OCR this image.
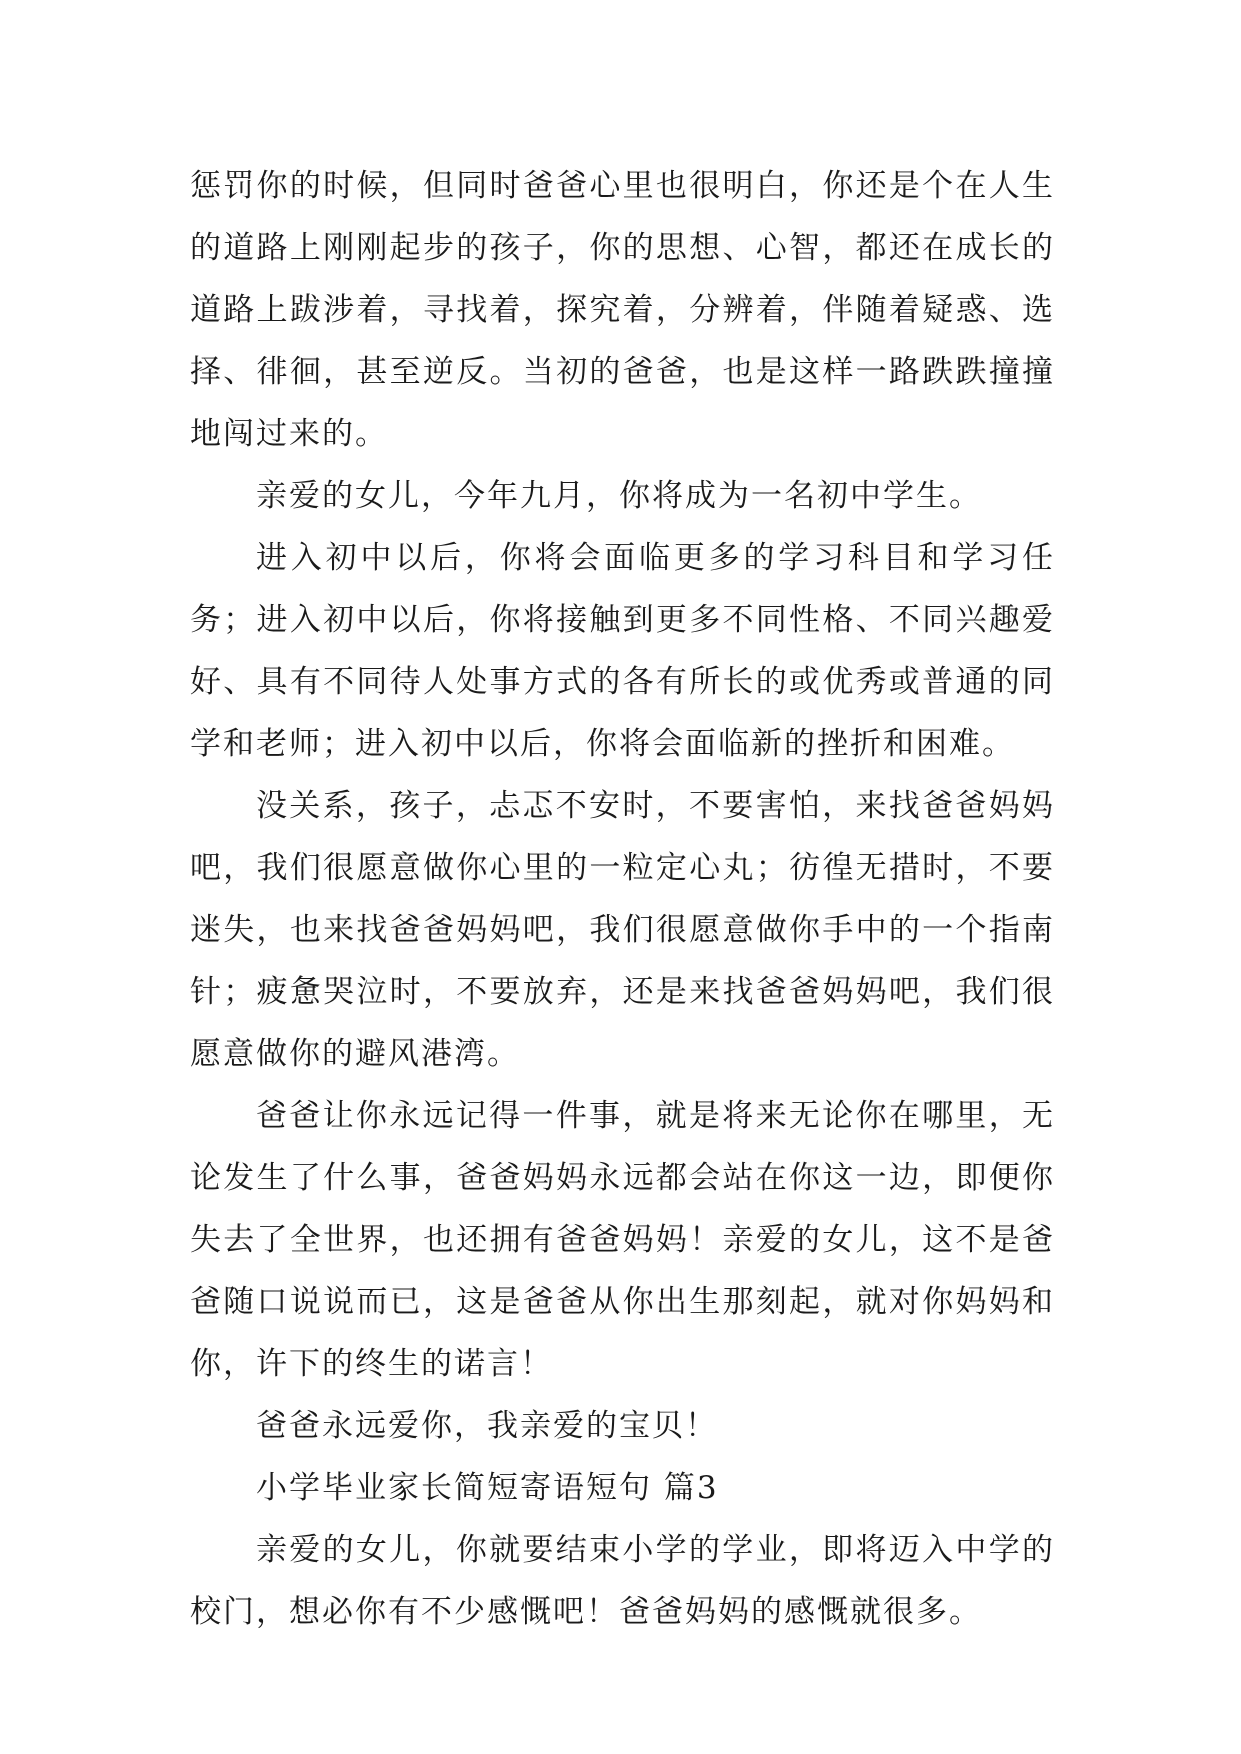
惩罚你的时候，但同时爸爸心里也很明白，你还是个在人生的道路上刚刚起步的孩子，你的思想、心智，都还在成长的道路上跋涉着，寻找着，探究着，分辨着，伴随着疑惑、选择、徘徊，甚至逆反。当初的爸爸，也是这样一路跌跌撞撞地闯过来的。

亲爱的女儿，今年九月，你将成为一名初中学生。

进入初中以后，你将会面临更多的学习科目和学习任务；进入初中以后，你将接触到更多不同性格、不同兴趣爱好、具有不同待人处事方式的各有所长的或优秀或普通的同学和老师；进入初中以后，你将会面临新的挫折和困难。

没关系，孩子，忐忑不安时，不要害怕，来找爸爸妈妈吧，我们很愿意做你心里的一粒定心丸；彷徨无措时，不要迷失，也来找爸爸妈妈吧，我们很愿意做你手中的一个指南针；疲惫哭泣时，不要放弃，还是来找爸爸妈妈吧，我们很愿意做你的避风港湾。

爸爸让你永远记得一件事，就是将来无论你在哪里，无论发生了什么事，爸爸妈妈永远都会站在你这一边，即便你失去了全世界，也还拥有爸爸妈妈！亲爱的女儿，这不是爸爸随口说说而已，这是爸爸从你出生那刻起，就对你妈妈和你，许下的终生的诺言！

爸爸永远爱你，我亲爱的宝贝！

小学毕业家长简短寄语短句 篇3

亲爱的女儿，你就要结束小学的学业，即将迈入中学的校门，想必你有不少感慨吧！爸爸妈妈的感慨就很多。
